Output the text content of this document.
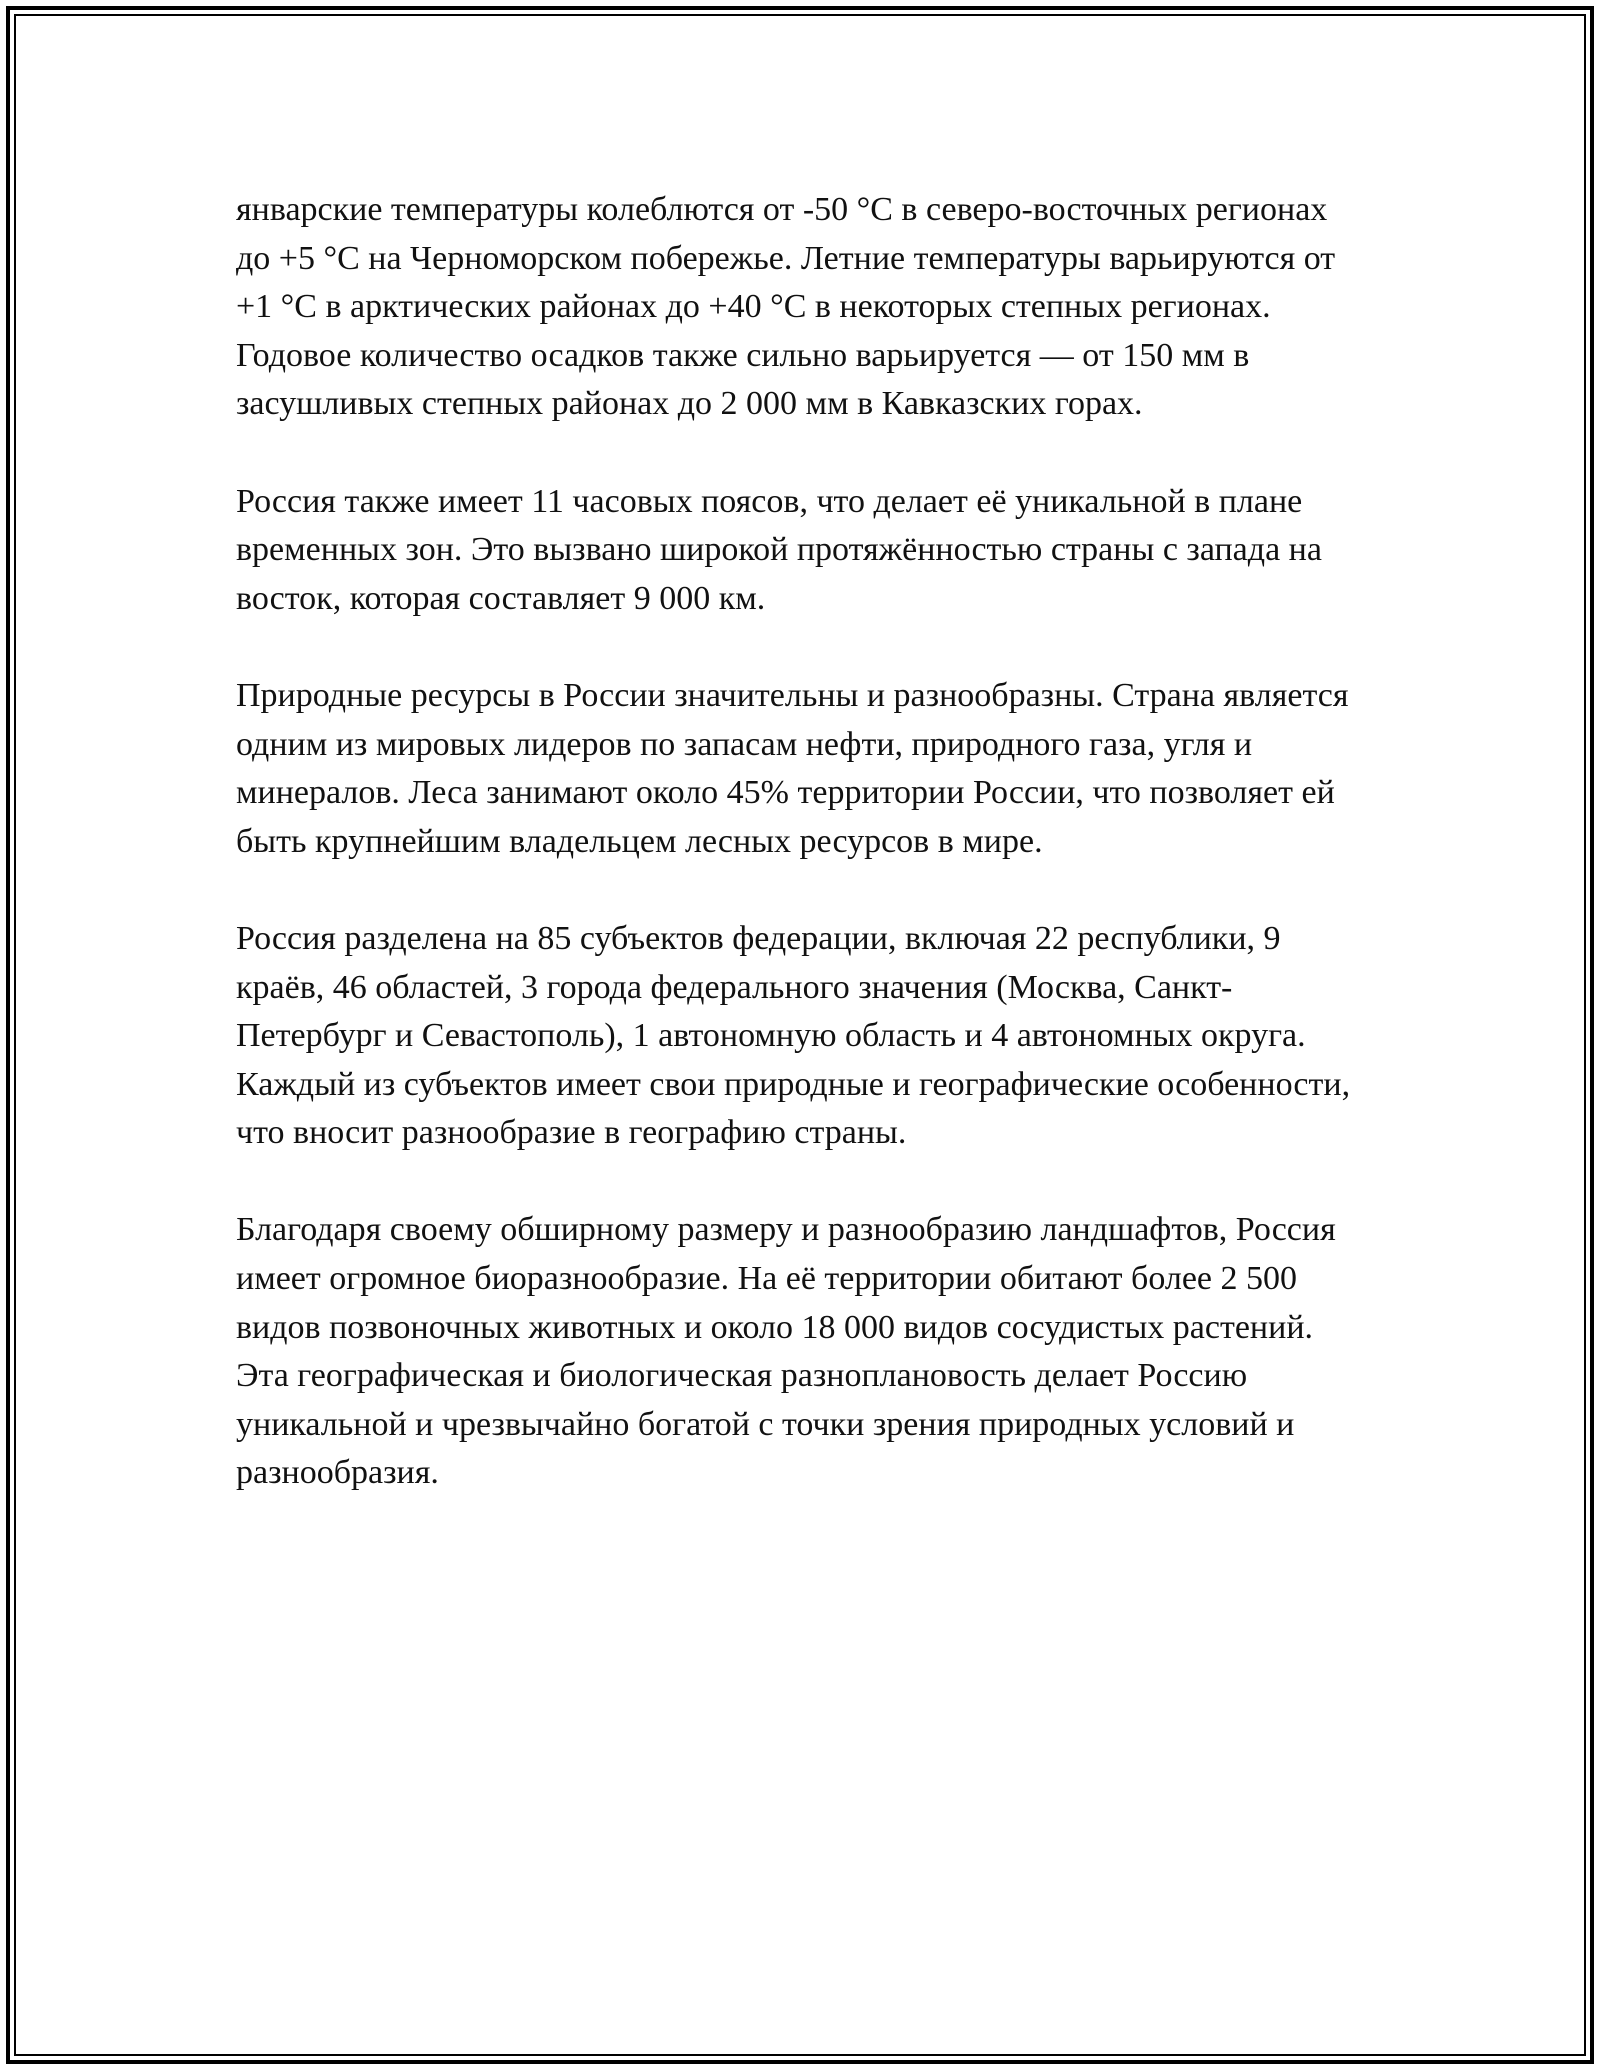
январские температуры колеблются от -50 °C в северо-восточных регионах до +5 °C на Черноморском побережье. Летние температуры варьируются от +1 °C в арктических районах до +40 °C в некоторых степных регионах. Годовое количество осадков также сильно варьируется — от 150 мм в засушливых степных районах до 2 000 мм в Кавказских горах.

Россия также имеет 11 часовых поясов, что делает её уникальной в плане временных зон. Это вызвано широкой протяжённостью страны с запада на восток, которая составляет 9 000 км.

Природные ресурсы в России значительны и разнообразны. Страна является одним из мировых лидеров по запасам нефти, природного газа, угля и минералов. Леса занимают около 45% территории России, что позволяет ей быть крупнейшим владельцем лесных ресурсов в мире.

Россия разделена на 85 субъектов федерации, включая 22 республики, 9 краёв, 46 областей, 3 города федерального значения (Москва, Санкт-Петербург и Севастополь), 1 автономную область и 4 автономных округа. Каждый из субъектов имеет свои природные и географические особенности, что вносит разнообразие в географию страны.

Благодаря своему обширному размеру и разнообразию ландшафтов, Россия имеет огромное биоразнообразие. На её территории обитают более 2 500 видов позвоночных животных и около 18 000 видов сосудистых растений. Эта географическая и биологическая разноплановость делает Россию уникальной и чрезвычайно богатой с точки зрения природных условий и разнообразия.
